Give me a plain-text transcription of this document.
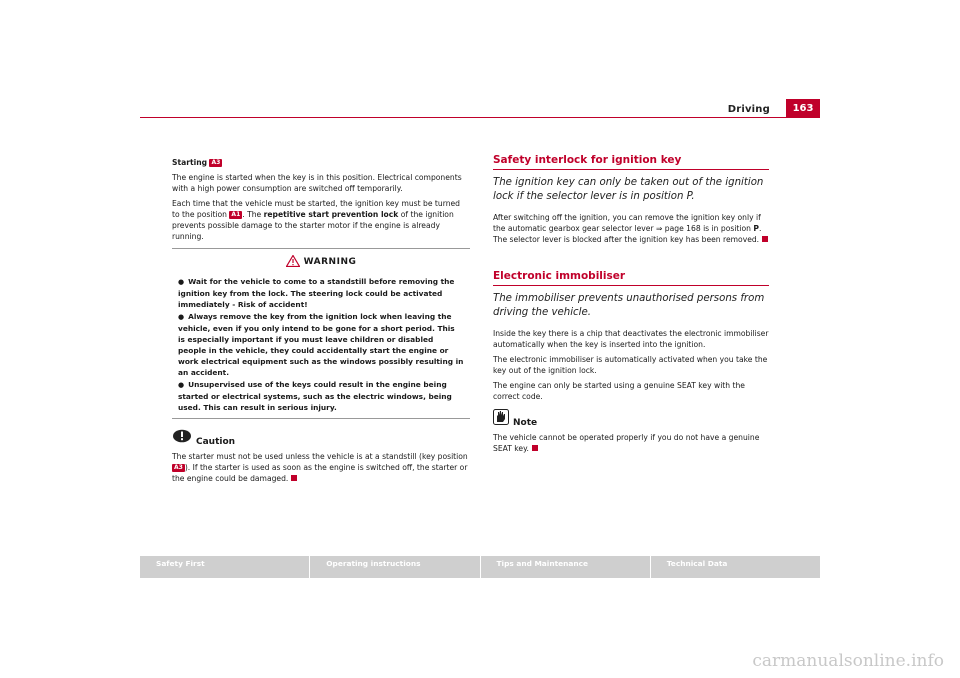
Driving	163

Starting A3

The engine is started when the key is in this position. Electrical components with a high power consumption are switched off temporarily.

Each time that the vehicle must be started, the ignition key must be turned to the position A1 . The repetitive start prevention lock of the ignition prevents possible damage to the starter motor if the engine is already running.

WARNING
● Wait for the vehicle to come to a standstill before removing the ignition key from the lock. The steering lock could be activated immediately - Risk of accident!
● Always remove the key from the ignition lock when leaving the vehicle, even if you only intend to be gone for a short period. This is especially important if you must leave children or disabled people in the vehicle, they could accidentally start the engine or work electrical equipment such as the windows possibly resulting in an accident.
● Unsupervised use of the keys could result in the engine being started or electrical systems, such as the electric windows, being used. This can result in serious injury.
Caution

The starter must not be used unless the vehicle is at a standstill (key position A3 ). If the starter is used as soon as the engine is switched off, the starter or the engine could be damaged.

Safety interlock for ignition key
The ignition key can only be taken out of the ignition lock if the selector lever is in position P.

After switching off the ignition, you can remove the ignition key only if the automatic gearbox gear selector lever ⇒ page 168 is in position P. The selector lever is blocked after the ignition key has been removed.

Electronic immobiliser
The immobiliser prevents unauthorised persons from driving the vehicle.

Inside the key there is a chip that deactivates the electronic immobiliser automatically when the key is inserted into the ignition.

The electronic immobiliser is automatically activated when you take the key out of the ignition lock.

The engine can only be started using a genuine SEAT key with the correct code.

Note

The vehicle cannot be operated properly if you do not have a genuine SEAT key.

Safety First	Operating instructions	Tips and Maintenance	Technical Data
carmanualsonline.info
